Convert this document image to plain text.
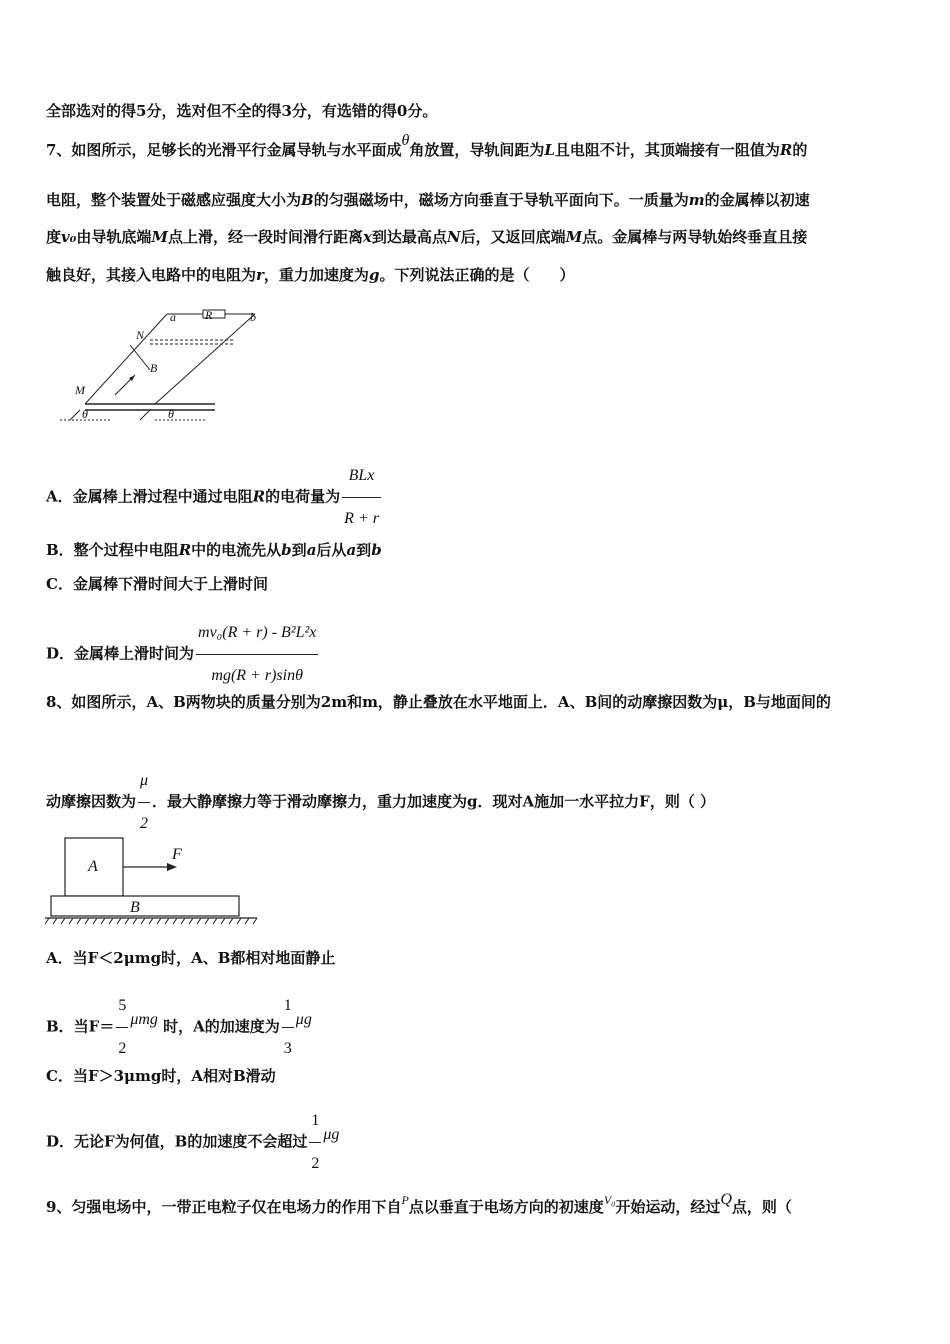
全部选对的得5分，选对但不全的得3分，有选错的得0分。
7、如图所示，足够长的光滑平行金属导轨与水平面成θ角放置，导轨间距为L且电阻不计，其顶端接有一阻值为R的
电阻，整个装置处于磁感应强度大小为B的匀强磁场中，磁场方向垂直于导轨平面向下。一质量为m的金属棒以初速
度v₀由导轨底端M点上滑，经一段时间滑行距离x到达最高点N后，又返回底端M点。金属棒与两导轨始终垂直且接
触良好，其接入电路中的电阻为r，重力加速度为g。下列说法正确的是（　　）
a R	b
N
B
M
θ	θ
A．金属棒上滑过程中通过电阻R的电荷量为 $\frac{\text{BLx}}{R + r}$
B．整个过程中电阻R中的电流先从b到a后从a到b
C．金属棒下滑时间大于上滑时间
D．金属棒上滑时间为 $\frac{\text{mv₀(R + r) - B²L²x}}{mg(R + r)\sin\theta}$
8、如图所示，A、B两物块的质量分别为2m和m，静止叠放在水平地面上．A、B间的动摩擦因数为μ，B与地面间的
动摩擦因数为 $\frac{\mu}{2}$ ．最大静摩擦力等于滑动摩擦力，重力加速度为g．现对A施加一水平拉力F，则（ ）
A
B
F
A．当F＜2μmg时，A、B都相对地面静止
B．当$F= \frac{5}{2}$ μmg 时，A的加速度为 $\frac{1}{3}$ μg
C．当F＞3μmg时，A相对B滑动
D．无论F为何值，B的加速度不会超过 $\frac{1}{2}$ μg
9、匀强电场中，一带正电粒子仅在电场力的作用下自$^P$点以垂直于电场方向的初速度$^{V_0}$开始运动，经过Q点，则（
